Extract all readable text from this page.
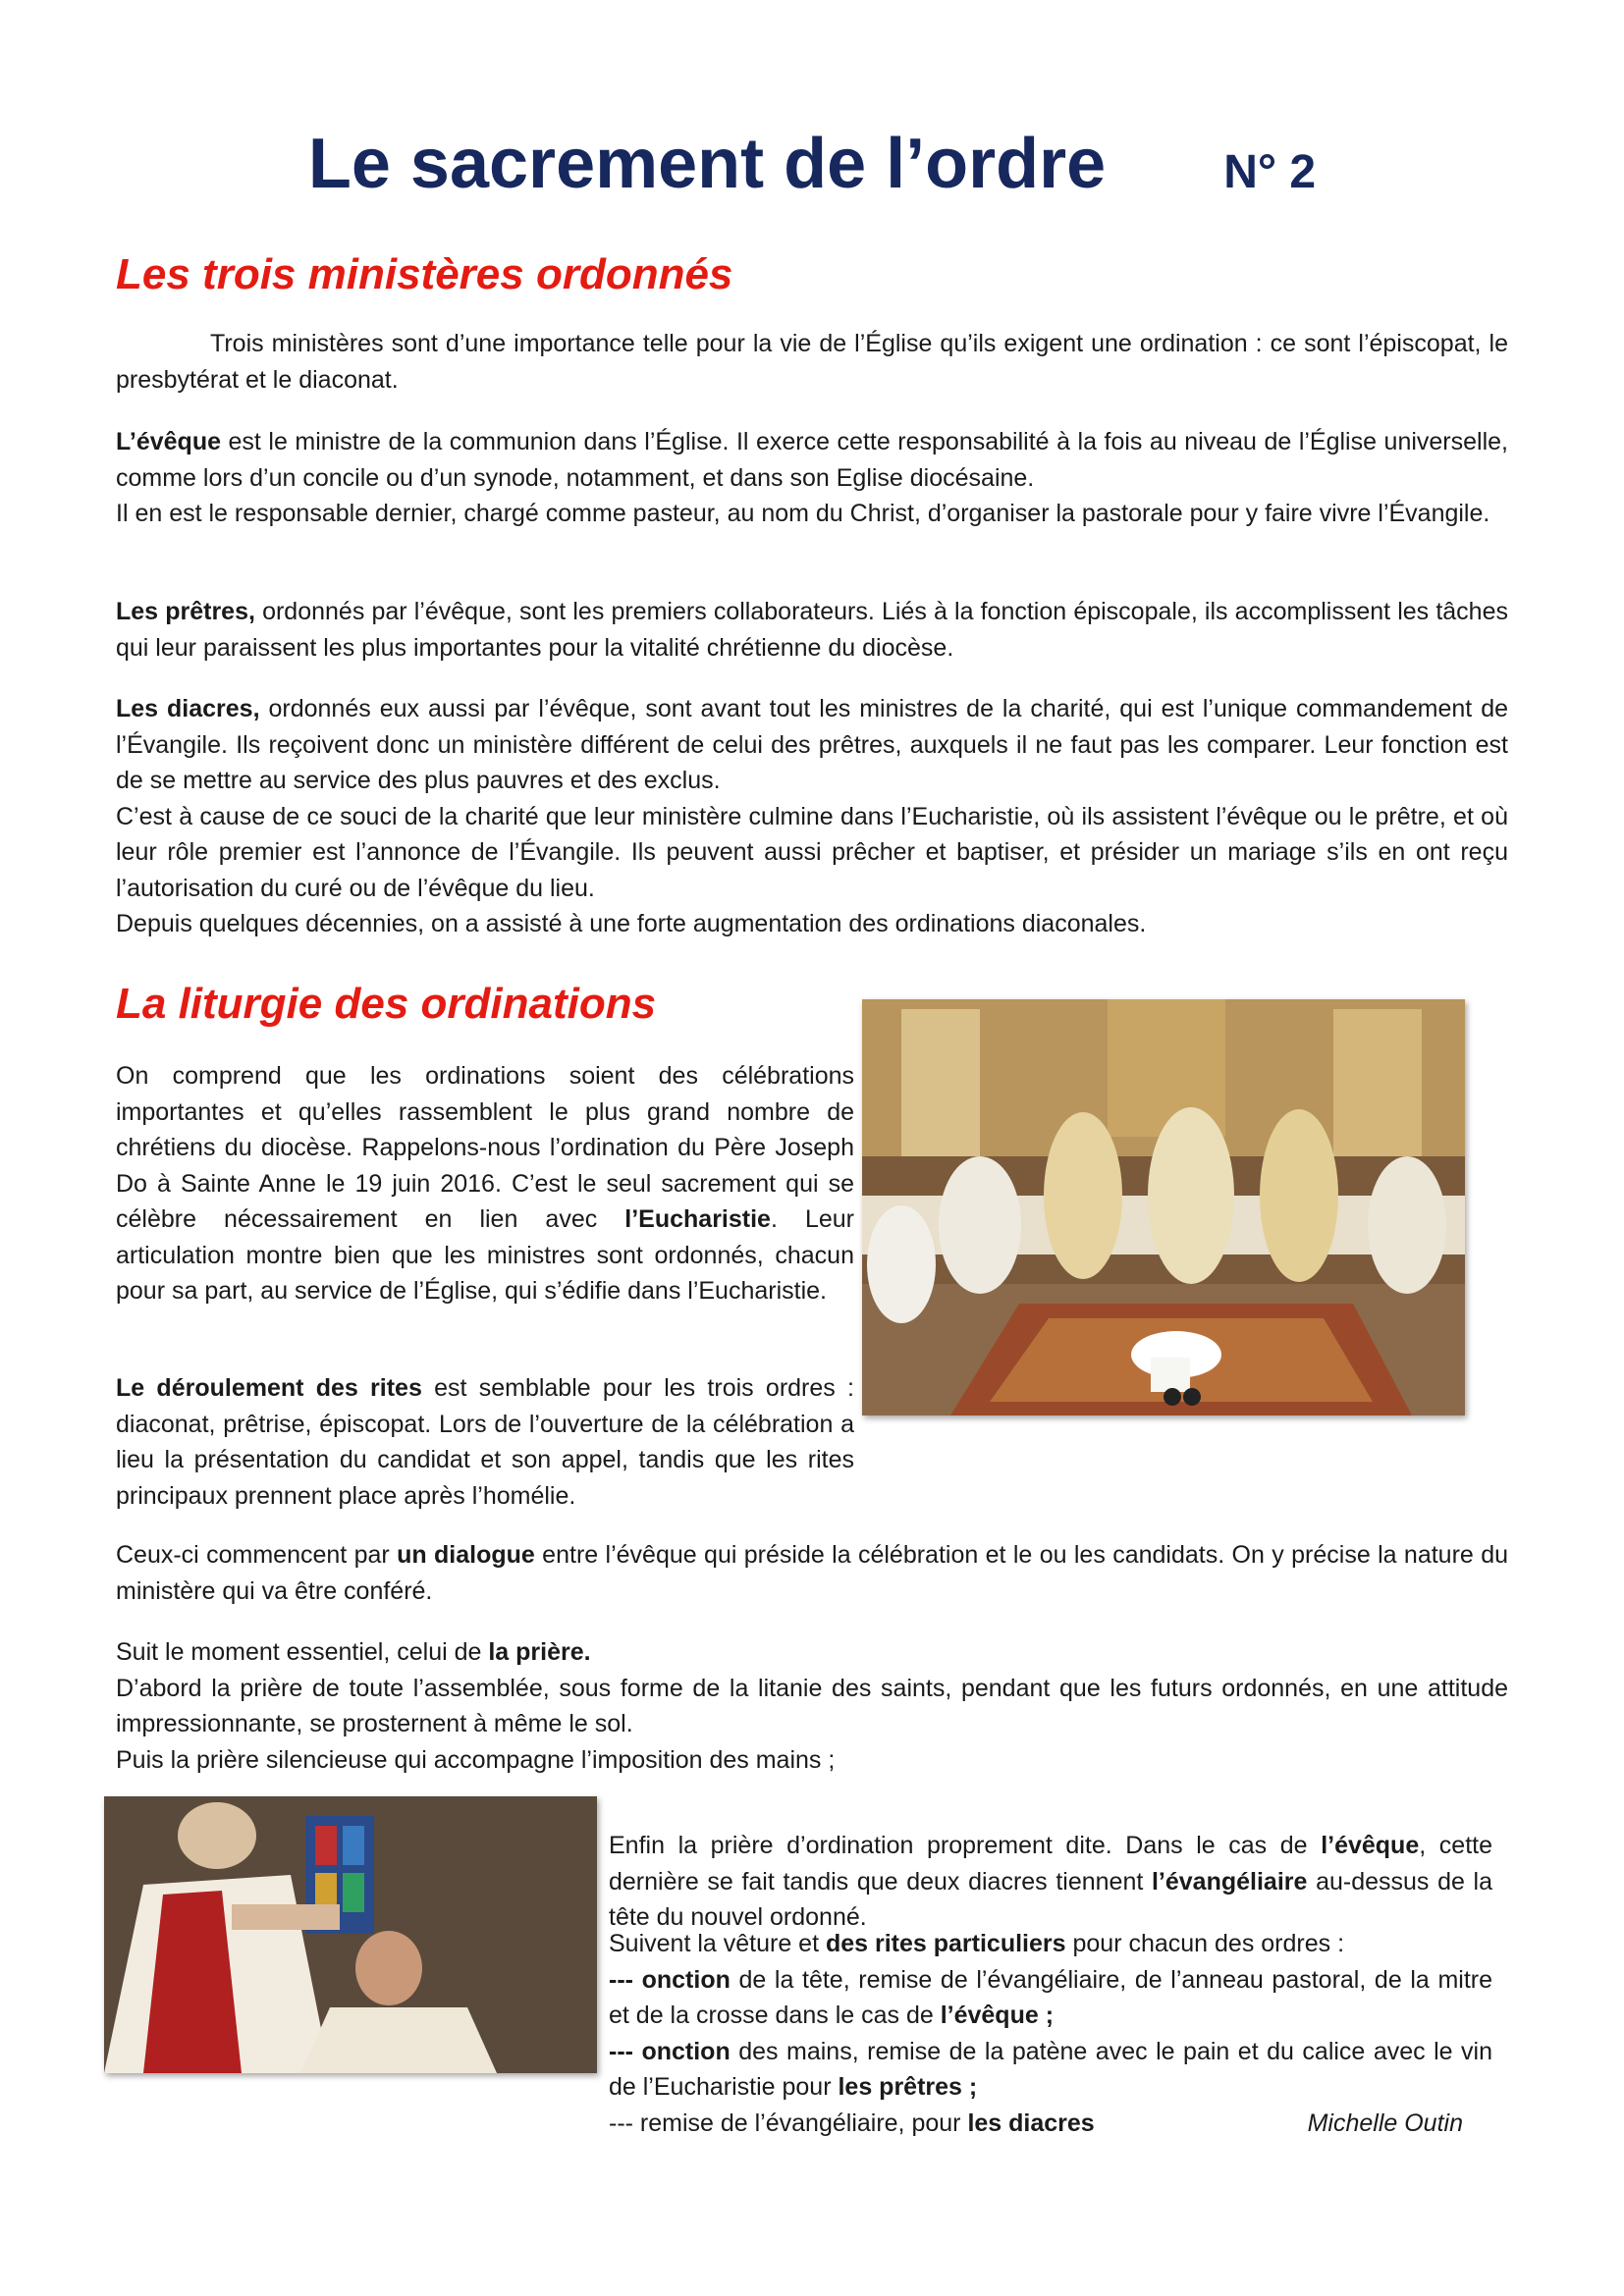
Le sacrement de l’ordre	N° 2
Les trois ministères ordonnés

Trois ministères sont d’une importance telle pour la vie de l’Église qu’ils exigent une ordination : ce sont l’épiscopat, le presbytérat et le diaconat.

L’évêque est le ministre de la communion dans l’Église. Il exerce cette responsabilité à la fois au niveau de l’Église universelle, comme lors d’un concile ou d’un synode, notamment, et dans son Eglise diocésaine.
Il en est le responsable dernier, chargé comme pasteur, au nom du Christ, d’organiser la pastorale pour y faire vivre l’Évangile.

Les prêtres, ordonnés par l’évêque, sont les premiers collaborateurs. Liés à la fonction épiscopale, ils accomplissent les tâches qui leur paraissent les plus importantes pour la vitalité chrétienne du diocèse.

Les diacres, ordonnés eux aussi par l’évêque, sont avant tout les ministres de la charité, qui est l’unique commandement de l’Évangile. Ils reçoivent donc un ministère différent de celui des prêtres, auxquels il ne faut pas les comparer. Leur fonction est de se mettre au service des plus pauvres et des exclus.
C’est à cause de ce souci de la charité que leur ministère culmine dans l’Eucharistie, où ils assistent l’évêque ou le prêtre, et où leur rôle premier est l’annonce de l’Évangile. Ils peuvent aussi prêcher et baptiser, et présider un mariage s’ils en ont reçu l’autorisation du curé ou de l’évêque du lieu.
Depuis quelques décennies, on a assisté à une forte augmentation des ordinations diaconales.

La liturgie des ordinations

On comprend que les ordinations soient des célébrations importantes et qu’elles rassemblent le plus grand nombre de chrétiens du diocèse. Rappelons-nous l’ordination du Père Joseph Do à Sainte Anne le 19 juin 2016. C’est le seul sacrement qui se célèbre nécessairement en lien avec l’Eucharistie. Leur articulation montre bien que les ministres sont ordonnés, chacun pour sa part, au service de l’Église, qui s’édifie dans l’Eucharistie.

Le déroulement des rites est semblable pour les trois ordres : diaconat, prêtrise, épiscopat. Lors de l’ouverture de la célébration a lieu la présentation du candidat et son appel, tandis que les rites principaux prennent place après l’homélie.

Ceux-ci commencent par un dialogue entre l’évêque qui préside la célébration et le ou les candidats. On y précise la nature du ministère qui va être conféré.

Suit le moment essentiel, celui de la prière.
D’abord la prière de toute l’assemblée, sous forme de la litanie des saints, pendant que les futurs ordonnés, en une attitude impressionnante, se prosternent à même le sol.
Puis la prière silencieuse qui accompagne l’imposition des mains ;

Enfin la prière d’ordination proprement dite. Dans le cas de l’évêque, cette dernière se fait tandis que deux diacres tiennent l’évangéliaire au-dessus de la tête du nouvel ordonné.

Suivent la vêture et des rites particuliers pour chacun des ordres :
--- onction de la tête, remise de l’évangéliaire, de l’anneau pastoral, de la mitre et de la crosse dans le cas de l’évêque ;
--- onction des mains, remise de la patène avec le pain et du calice avec le vin de l’Eucharistie pour les prêtres ;
--- remise de l’évangéliaire, pour les diacres	Michelle Outin
